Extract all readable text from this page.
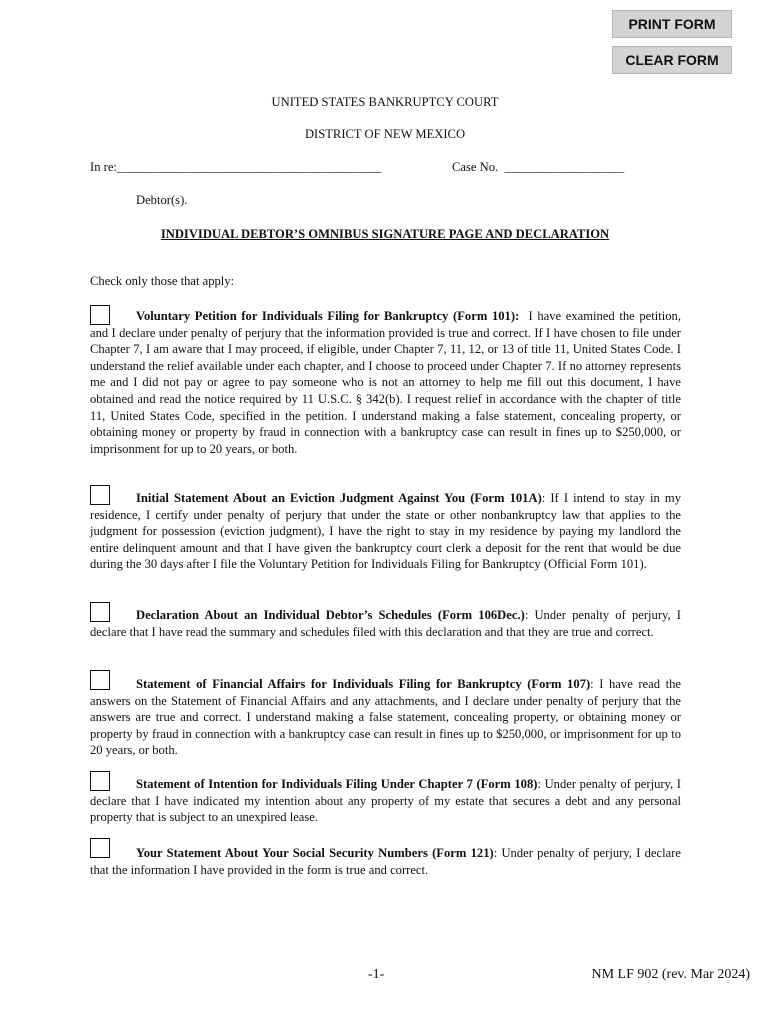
PRINT FORM
CLEAR FORM
UNITED STATES BANKRUPTCY COURT
DISTRICT OF NEW MEXICO
In re:__________________________________________	Case No. ___________________
Debtor(s).
INDIVIDUAL DEBTOR’S OMNIBUS SIGNATURE PAGE AND DECLARATION
Check only those that apply:

Voluntary Petition for Individuals Filing for Bankruptcy (Form 101): I have examined the petition, and I declare under penalty of perjury that the information provided is true and correct. If I have chosen to file under Chapter 7, I am aware that I may proceed, if eligible, under Chapter 7, 11, 12, or 13 of title 11, United States Code. I understand the relief available under each chapter, and I choose to proceed under Chapter 7. If no attorney represents me and I did not pay or agree to pay someone who is not an attorney to help me fill out this document, I have obtained and read the notice required by 11 U.S.C. § 342(b). I request relief in accordance with the chapter of title 11, United States Code, specified in the petition. I understand making a false statement, concealing property, or obtaining money or property by fraud in connection with a bankruptcy case can result in fines up to $250,000, or imprisonment for up to 20 years, or both.

Initial Statement About an Eviction Judgment Against You (Form 101A): If I intend to stay in my residence, I certify under penalty of perjury that under the state or other nonbankruptcy law that applies to the judgment for possession (eviction judgment), I have the right to stay in my residence by paying my landlord the entire delinquent amount and that I have given the bankruptcy court clerk a deposit for the rent that would be due during the 30 days after I file the Voluntary Petition for Individuals Filing for Bankruptcy (Official Form 101).

Declaration About an Individual Debtor’s Schedules (Form 106Dec.): Under penalty of perjury, I declare that I have read the summary and schedules filed with this declaration and that they are true and correct.

Statement of Financial Affairs for Individuals Filing for Bankruptcy (Form 107): I have read the answers on the Statement of Financial Affairs and any attachments, and I declare under penalty of perjury that the answers are true and correct. I understand making a false statement, concealing property, or obtaining money or property by fraud in connection with a bankruptcy case can result in fines up to $250,000, or imprisonment for up to 20 years, or both.

Statement of Intention for Individuals Filing Under Chapter 7 (Form 108): Under penalty of perjury, I declare that I have indicated my intention about any property of my estate that secures a debt and any personal property that is subject to an unexpired lease.

Your Statement About Your Social Security Numbers (Form 121): Under penalty of perjury, I declare that the information I have provided in the form is true and correct.

-1-	NM LF 902 (rev. Mar 2024)
